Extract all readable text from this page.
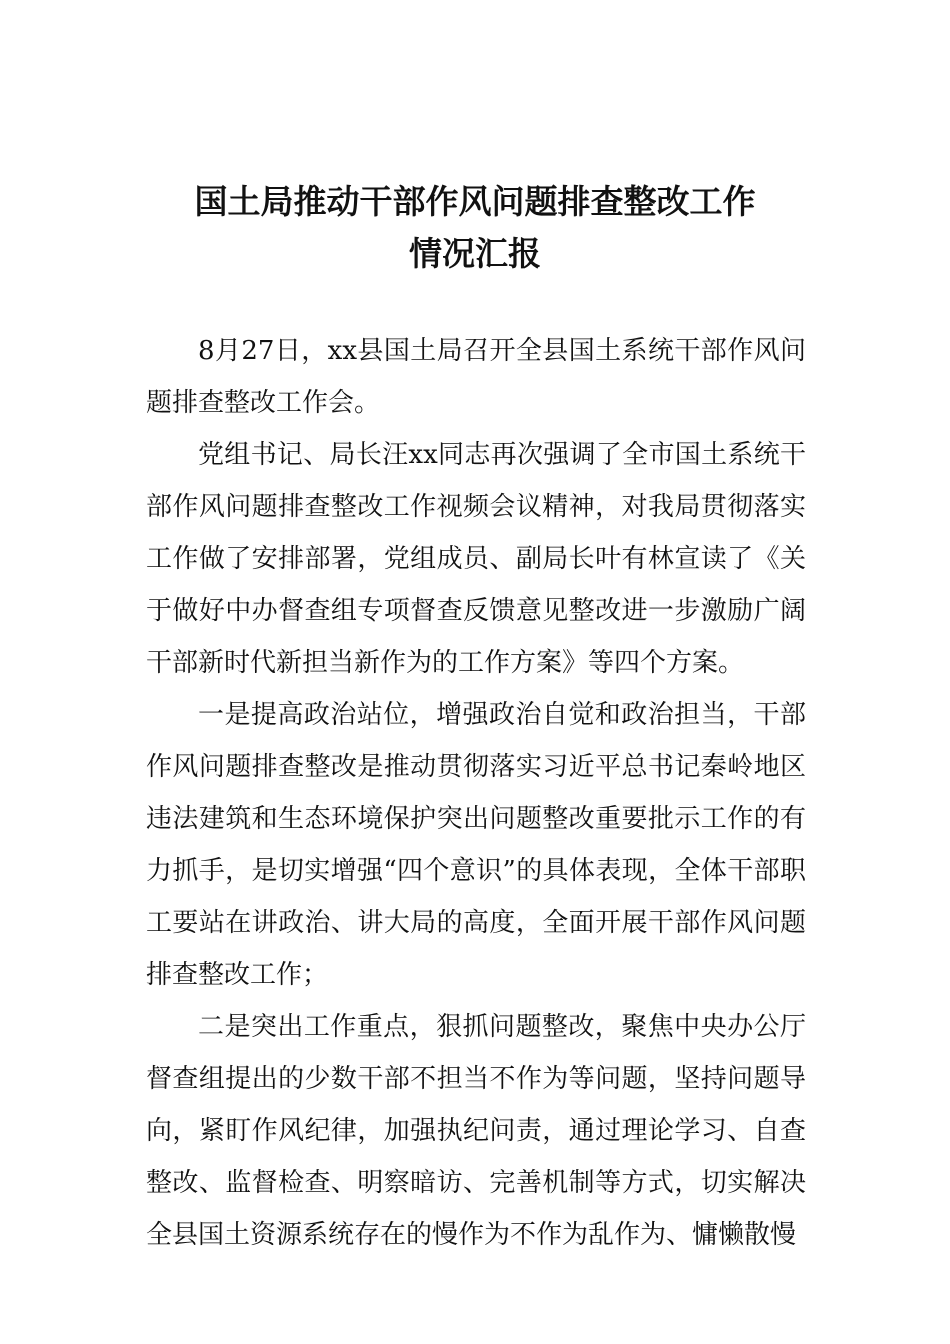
国土局推动干部作风问题排查整改工作
情况汇报

8月27日，xx县国土局召开全县国土系统干部作风问题排查整改工作会。

党组书记、局长汪xx同志再次强调了全市国土系统干部作风问题排查整改工作视频会议精神，对我局贯彻落实工作做了安排部署，党组成员、副局长叶有林宣读了《关于做好中办督查组专项督查反馈意见整改进一步激励广阔干部新时代新担当新作为的工作方案》等四个方案。

一是提高政治站位，增强政治自觉和政治担当，干部作风问题排查整改是推动贯彻落实习近平总书记秦岭地区违法建筑和生态环境保护突出问题整改重要批示工作的有力抓手，是切实增强“四个意识”的具体表现，全体干部职工要站在讲政治、讲大局的高度，全面开展干部作风问题排查整改工作；

二是突出工作重点，狠抓问题整改，聚焦中央办公厅督查组提出的少数干部不担当不作为等问题，坚持问题导向，紧盯作风纪律，加强执纪问责，通过理论学习、自查整改、监督检查、明察暗访、完善机制等方式，切实解决全县国土资源系统存在的慢作为不作为乱作为、慵懒散慢
